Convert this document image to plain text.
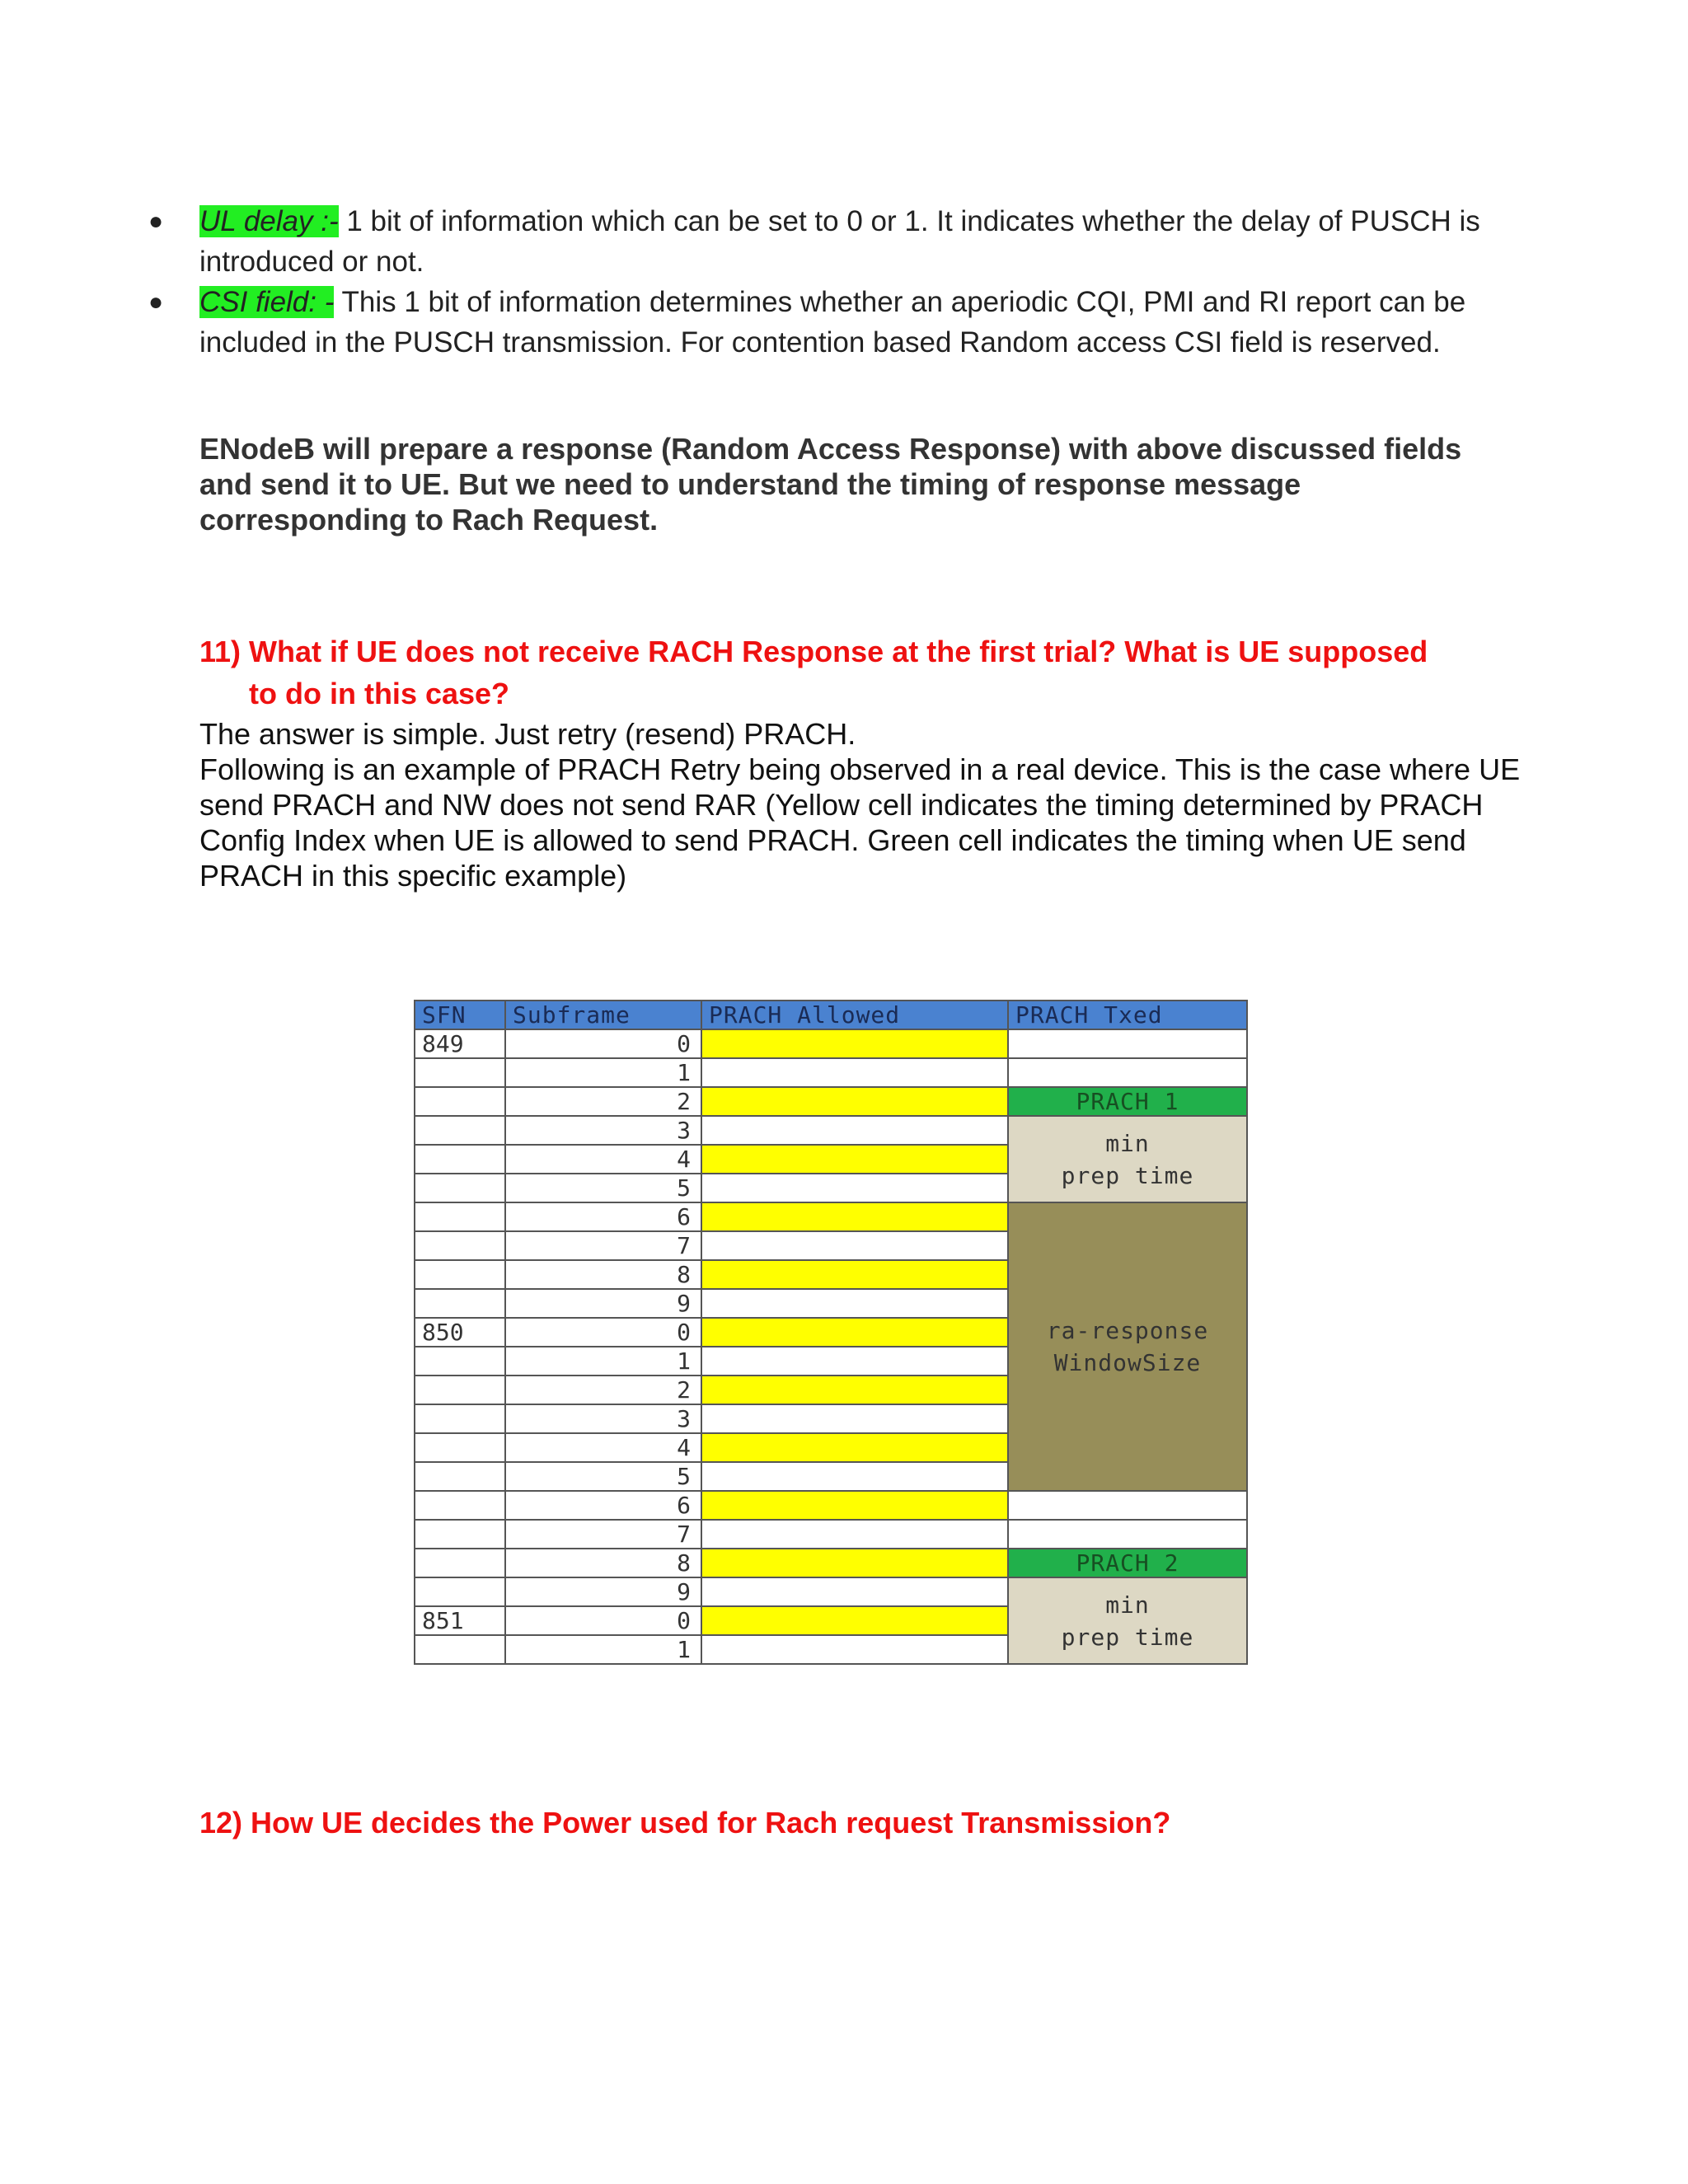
● UL delay :- 1 bit of information which can be set to 0 or 1. It indicates whether the delay of PUSCH is introduced or not.
● CSI field: - This 1 bit of information determines whether an aperiodic CQI, PMI and RI report can be included in the PUSCH transmission. For contention based Random access CSI field is reserved.
ENodeB will prepare a response (Random Access Response) with above discussed fields and send it to UE. But we need to understand the timing of response message corresponding to Rach Request.
11) What if UE does not receive RACH Response at the first trial? What is UE supposed
to do in this case?
The answer is simple. Just retry (resend) PRACH.
Following is an example of PRACH Retry being observed in a real device. This is the case where UE send PRACH and NW does not send RAR (Yellow cell indicates the timing determined by PRACH Config Index when UE is allowed to send PRACH. Green cell indicates the timing when UE send PRACH in this specific example)
SFN	Subframe	PRACH Allowed	PRACH Txed
849	0		
	1		
	2		PRACH 1
	3		min
prep time

	4		
	5		
	6		ra-response
WindowSize

	7		
	8		
	9		
850	0		
	1		
	2		
	3		
	4		
	5		
	6		
	7		
	8		PRACH 2
	9		min
prep time

851	0		
	1		
12) How UE decides the Power used for Rach request Transmission?
